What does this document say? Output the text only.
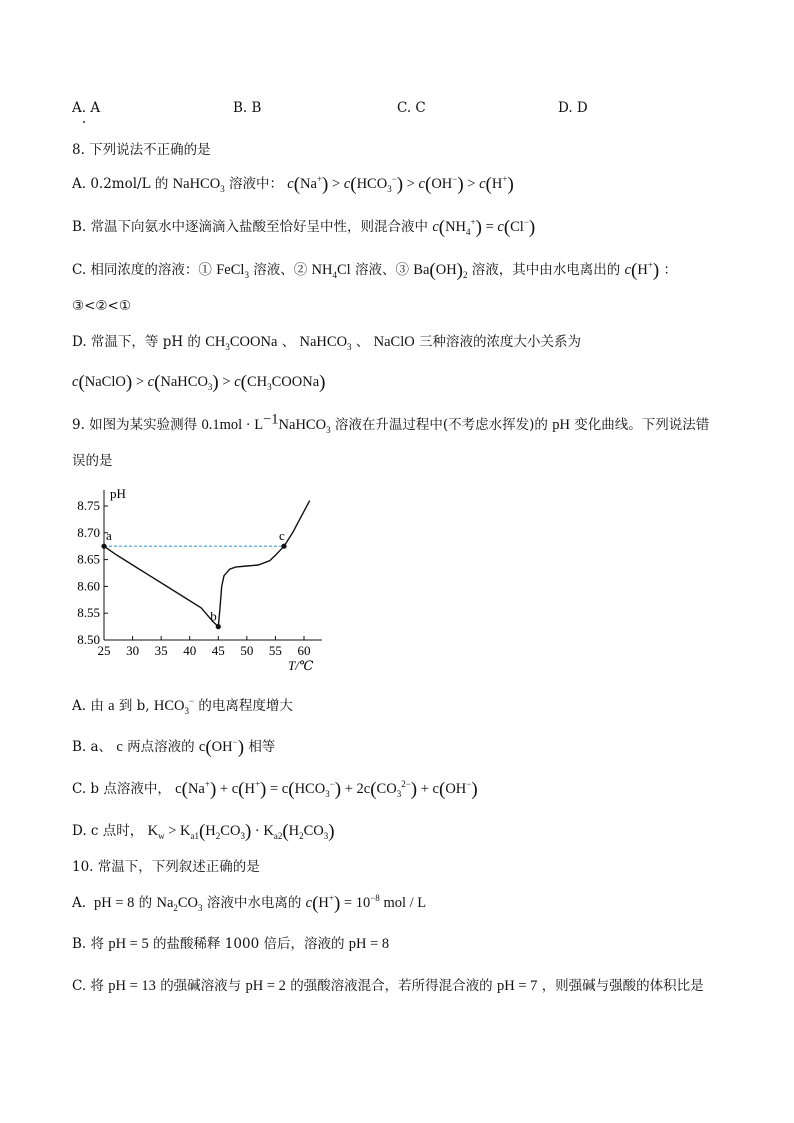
A. A	B. B	C. C	D. D
8. 下列说法不正确的是
A. 0.2mol/L 的 NaHCO$_3$ 溶液中： $c(Na^+) > c(HCO_3^-) > c(OH^-) > c(H^+)$
B. 常温下向氨水中逐滴滴入盐酸至恰好呈中性，则混合液中 $c(NH_4^+) = c(Cl^-)$
C. 相同浓度的溶液：① FeCl$_3$ 溶液、② $NH_4Cl$ 溶液、③ $Ba(OH)_2$ 溶液，其中由水电离出的 c(H+) ：
③<②<①
D. 常温下，等 pH 的 $CH_3COONa$ 、 NaHCO$_3$ 、 NaClO 三种溶液的浓度大小关系为
c(NaClO) > c(NaHCO$_3$) > $c(CH_3COONa)$
9. 如图为某实验测得 $0.1mol \cdot L^{-1}NaHCO_3$ 溶液在升温过程中(不考虑水挥发)的 pH 变化曲线。下列说法错
误的是
25 30 35 40 45 50 55 60
8.50
8.55
8.60
8.65
8.70
8.75
a
b
c
pH
T/℃
A. 由 a 到 b, $HCO_3^-$ 的电离程度增大
B. a、 c 两点溶液的 c(OH−) 相等
C. b 点溶液中， $c(Na^+) + c(H^+) = c(HCO_3^-) + 2c(CO_3^{2-}) + c(OH^-)$
D. c 点时， $K_w > K_{a1}(H_2CO_3) \cdot K_{a2}(H_2CO_3)$
10. 常温下，下列叙述正确的是
A.  pH = 8 的 $Na_2CO_3$ 溶液中水电离的 $c(H^+) = 10^{-8}$ mol / L
B. 将 pH = 5 的盐酸稀释 1000 倍后，溶液的 pH = 8
C. 将 pH = 13 的强碱溶液与 pH = 2 的强酸溶液混合，若所得混合液的 pH = 7 ，则强碱与强酸的体积比是
